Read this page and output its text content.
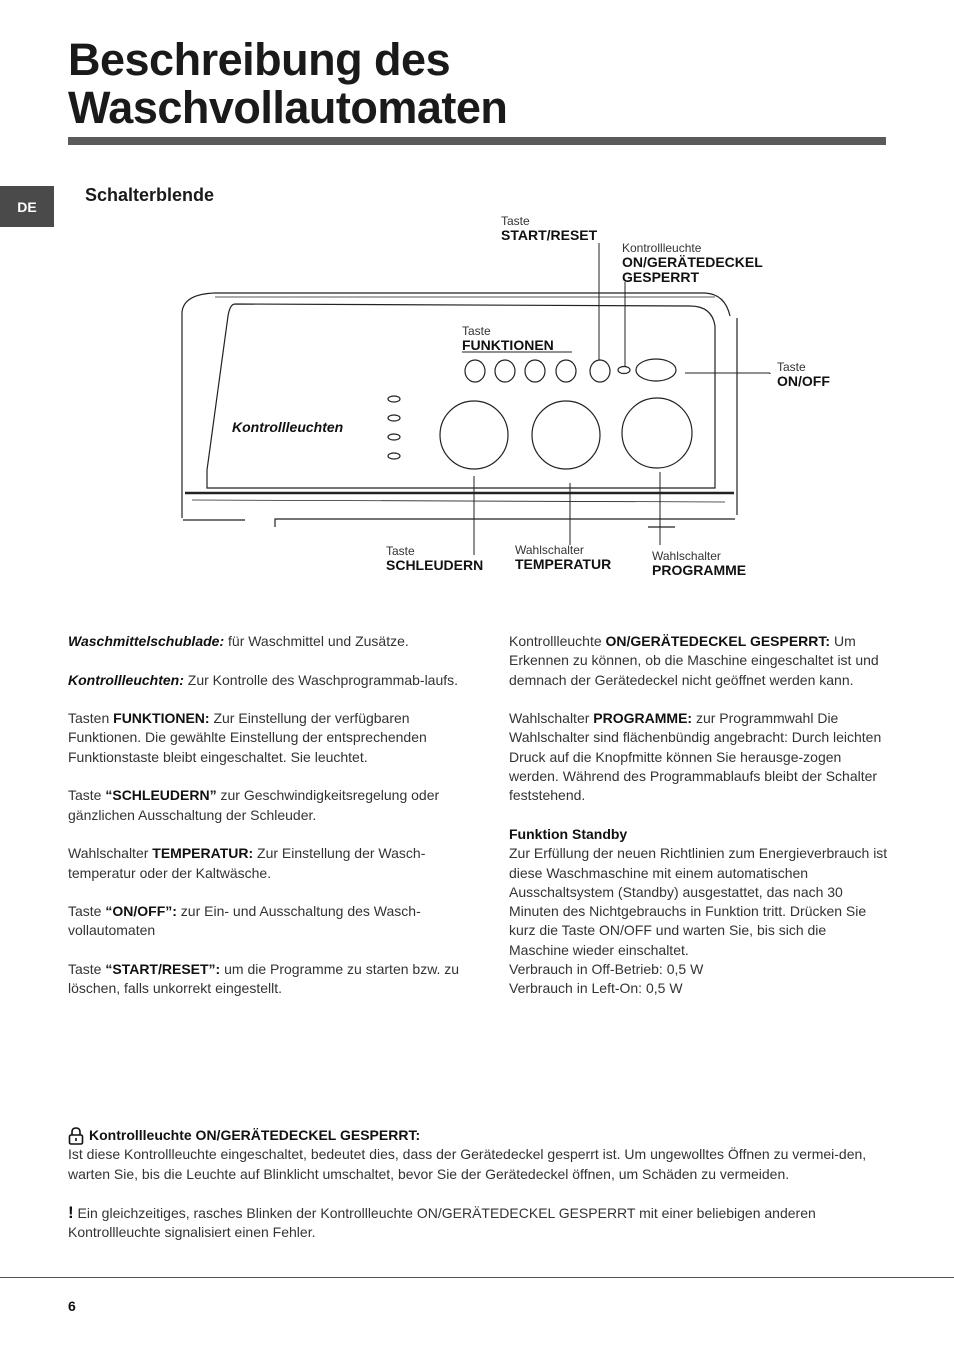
Beschreibung des
Waschvollautomaten
DE
Schalterblende
Taste
START/RESET
Kontrollleuchte
ON/GERÄTEDECKEL
GESPERRT
Taste
FUNKTIONEN
Taste
ON/OFF
Kontrollleuchten
Taste
SCHLEUDERN
Wahlschalter
TEMPERATUR	Wahlschalter
PROGRAMME

Waschmittelschublade: für Waschmittel und Zusätze.

Kontrollleuchten: Zur Kontrolle des Waschprogrammab-laufs.

Tasten FUNKTIONEN: Zur Einstellung der verfügbaren Funktionen. Die gewählte Einstellung der entsprechenden Funktionstaste bleibt eingeschaltet. Sie leuchtet.

Taste “SCHLEUDERN” zur Geschwindigkeitsregelung oder gänzlichen Ausschaltung der Schleuder.

Wahlschalter TEMPERATUR: Zur Einstellung der Wasch-temperatur oder der Kaltwäsche.

Taste “ON/OFF”: zur Ein- und Ausschaltung des Wasch-vollautomaten

Taste “START/RESET”: um die Programme zu starten bzw. zu löschen, falls unkorrekt eingestellt.

Kontrollleuchte ON/GERÄTEDECKEL GESPERRT: Um Erkennen zu können, ob die Maschine eingeschaltet ist und demnach der Gerätedeckel nicht geöffnet werden kann.

Wahlschalter PROGRAMME: zur Programmwahl Die Wahlschalter sind flächenbündig angebracht: Durch leichten Druck auf die Knopfmitte können Sie herausge-zogen werden. Während des Programmablaufs bleibt der Schalter feststehend.

Funktion Standby
Zur Erfüllung der neuen Richtlinien zum Energieverbrauch ist diese Waschmaschine mit einem automatischen Ausschaltsystem (Standby) ausgestattet, das nach 30 Minuten des Nichtgebrauchs in Funktion tritt. Drücken Sie kurz die Taste ON/OFF und warten Sie, bis sich die Maschine wieder einschaltet.
Verbrauch in Off-Betrieb: 0,5 W
Verbrauch in Left-On: 0,5 W

Kontrollleuchte ON/GERÄTEDECKEL GESPERRT:

Ist diese Kontrollleuchte eingeschaltet, bedeutet dies, dass der Gerätedeckel gesperrt ist. Um ungewolltes Öffnen zu vermei-den, warten Sie, bis die Leuchte auf Blinklicht umschaltet, bevor Sie der Gerätedeckel öffnen, um Schäden zu vermeiden.

! Ein gleichzeitiges, rasches Blinken der Kontrollleuchte ON/GERÄTEDECKEL GESPERRT mit einer beliebigen anderen Kontrollleuchte signalisiert einen Fehler.

6
